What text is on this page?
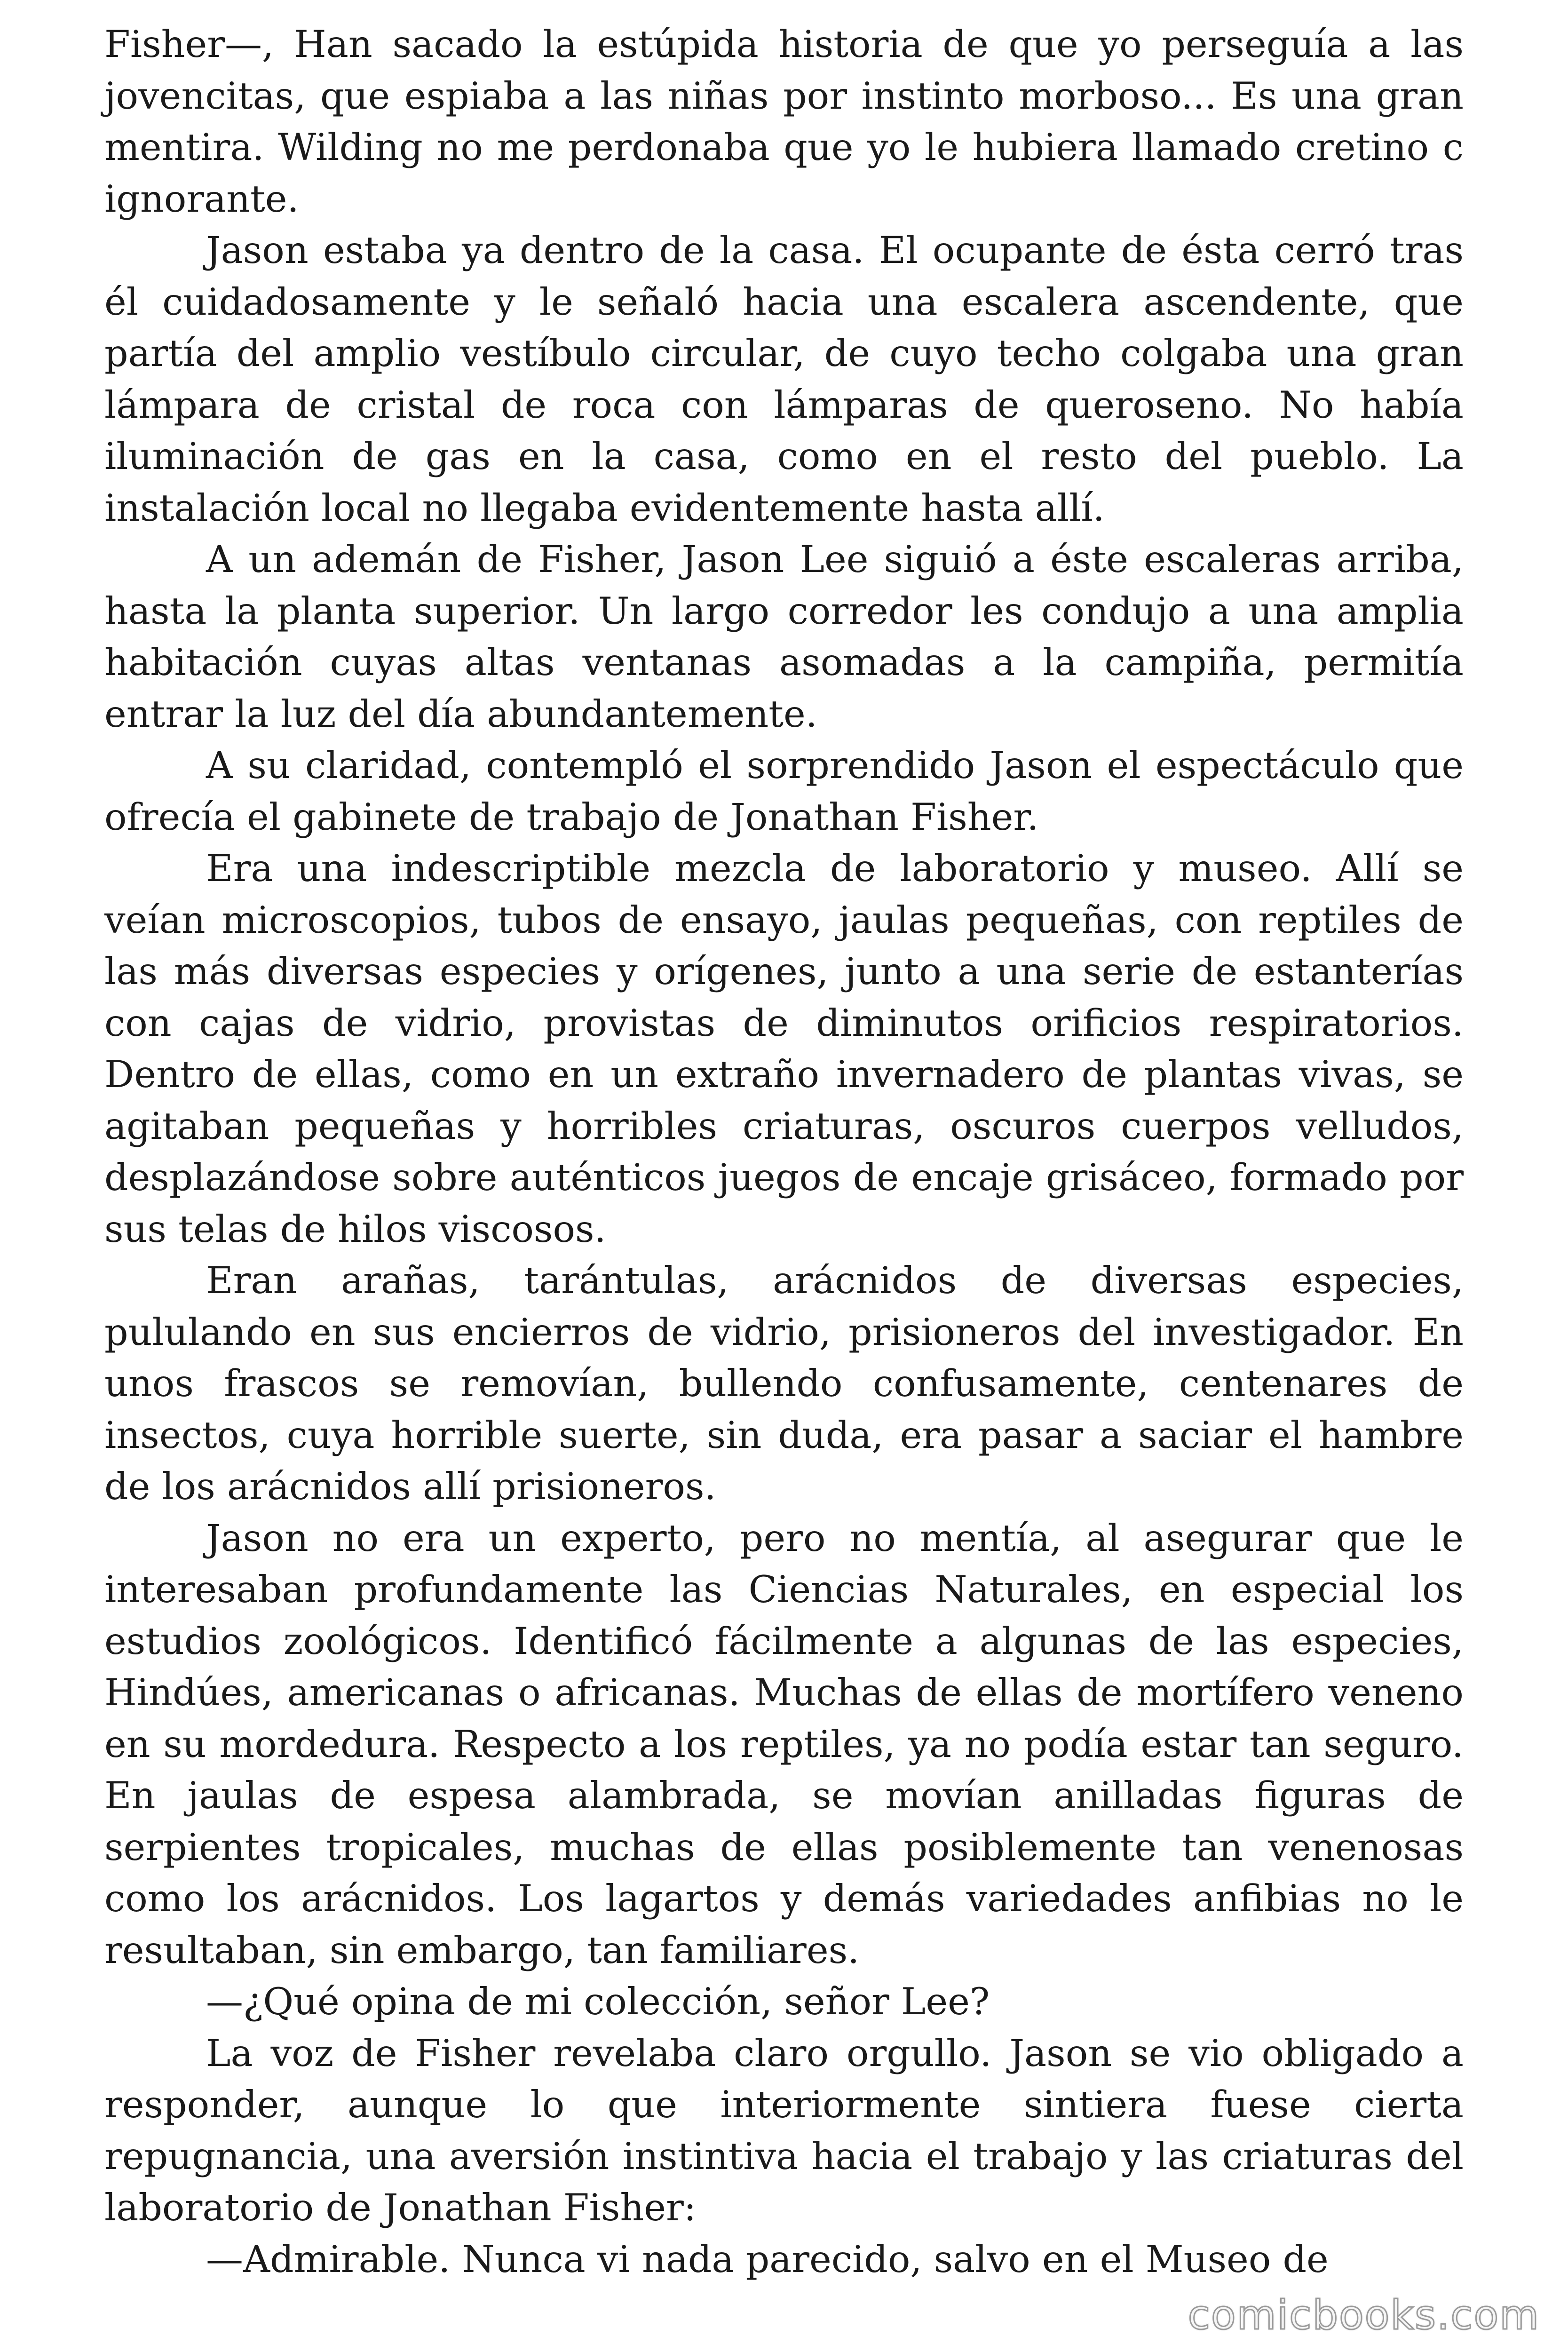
Fisher—, Han sacado la estúpida historia de que yo perseguía a las jovencitas, que espiaba a las niñas por instinto morboso... Es una gran mentira. Wilding no me perdonaba que yo le hubiera llamado cretino c ignorante.

Jason estaba ya dentro de la casa. El ocupante de ésta cerró tras él cuidadosamente y le señaló hacia una escalera ascendente, que partía del amplio vestíbulo circular, de cuyo techo colgaba una gran lámpara de cristal de roca con lámparas de queroseno. No había iluminación de gas en la casa, como en el resto del pueblo. La instalación local no llegaba evidentemente hasta allí.

A un ademán de Fisher, Jason Lee siguió a éste escaleras arriba, hasta la planta superior. Un largo corredor les condujo a una amplia habitación cuyas altas ventanas asomadas a la campiña, permitía entrar la luz del día abundantemente.

A su claridad, contempló el sorprendido Jason el espectáculo que ofrecía el gabinete de trabajo de Jonathan Fisher.

Era una indescriptible mezcla de laboratorio y museo. Allí se veían microscopios, tubos de ensayo, jaulas pequeñas, con reptiles de las más diversas especies y orígenes, junto a una serie de estanterías con cajas de vidrio, provistas de diminutos orificios respiratorios. Dentro de ellas, como en un extraño invernadero de plantas vivas, se agitaban pequeñas y horribles criaturas, oscuros cuerpos velludos, desplazándose sobre auténticos juegos de encaje grisáceo, formado por sus telas de hilos viscosos.

Eran arañas, tarántulas, arácnidos de diversas especies, pululando en sus encierros de vidrio, prisioneros del investigador. En unos frascos se removían, bullendo confusamente, centenares de insectos, cuya horrible suerte, sin duda, era pasar a saciar el hambre de los arácnidos allí prisioneros.

Jason no era un experto, pero no mentía, al asegurar que le interesaban profundamente las Ciencias Naturales, en especial los estudios zoológicos. Identificó fácilmente a algunas de las especies, Hindúes, americanas o africanas. Muchas de ellas de mortífero veneno en su mordedura. Respecto a los reptiles, ya no podía estar tan seguro. En jaulas de espesa alambrada, se movían anilladas figuras de serpientes tropicales, muchas de ellas posiblemente tan venenosas como los arácnidos. Los lagartos y demás variedades anfibias no le resultaban, sin embargo, tan familiares.

—¿Qué opina de mi colección, señor Lee?

La voz de Fisher revelaba claro orgullo. Jason se vio obligado a responder, aunque lo que interiormente sintiera fuese cierta repugnancia, una aversión instintiva hacia el trabajo y las criaturas del laboratorio de Jonathan Fisher:

—Admirable. Nunca vi nada parecido, salvo en el Museo de

comicbooks.com
